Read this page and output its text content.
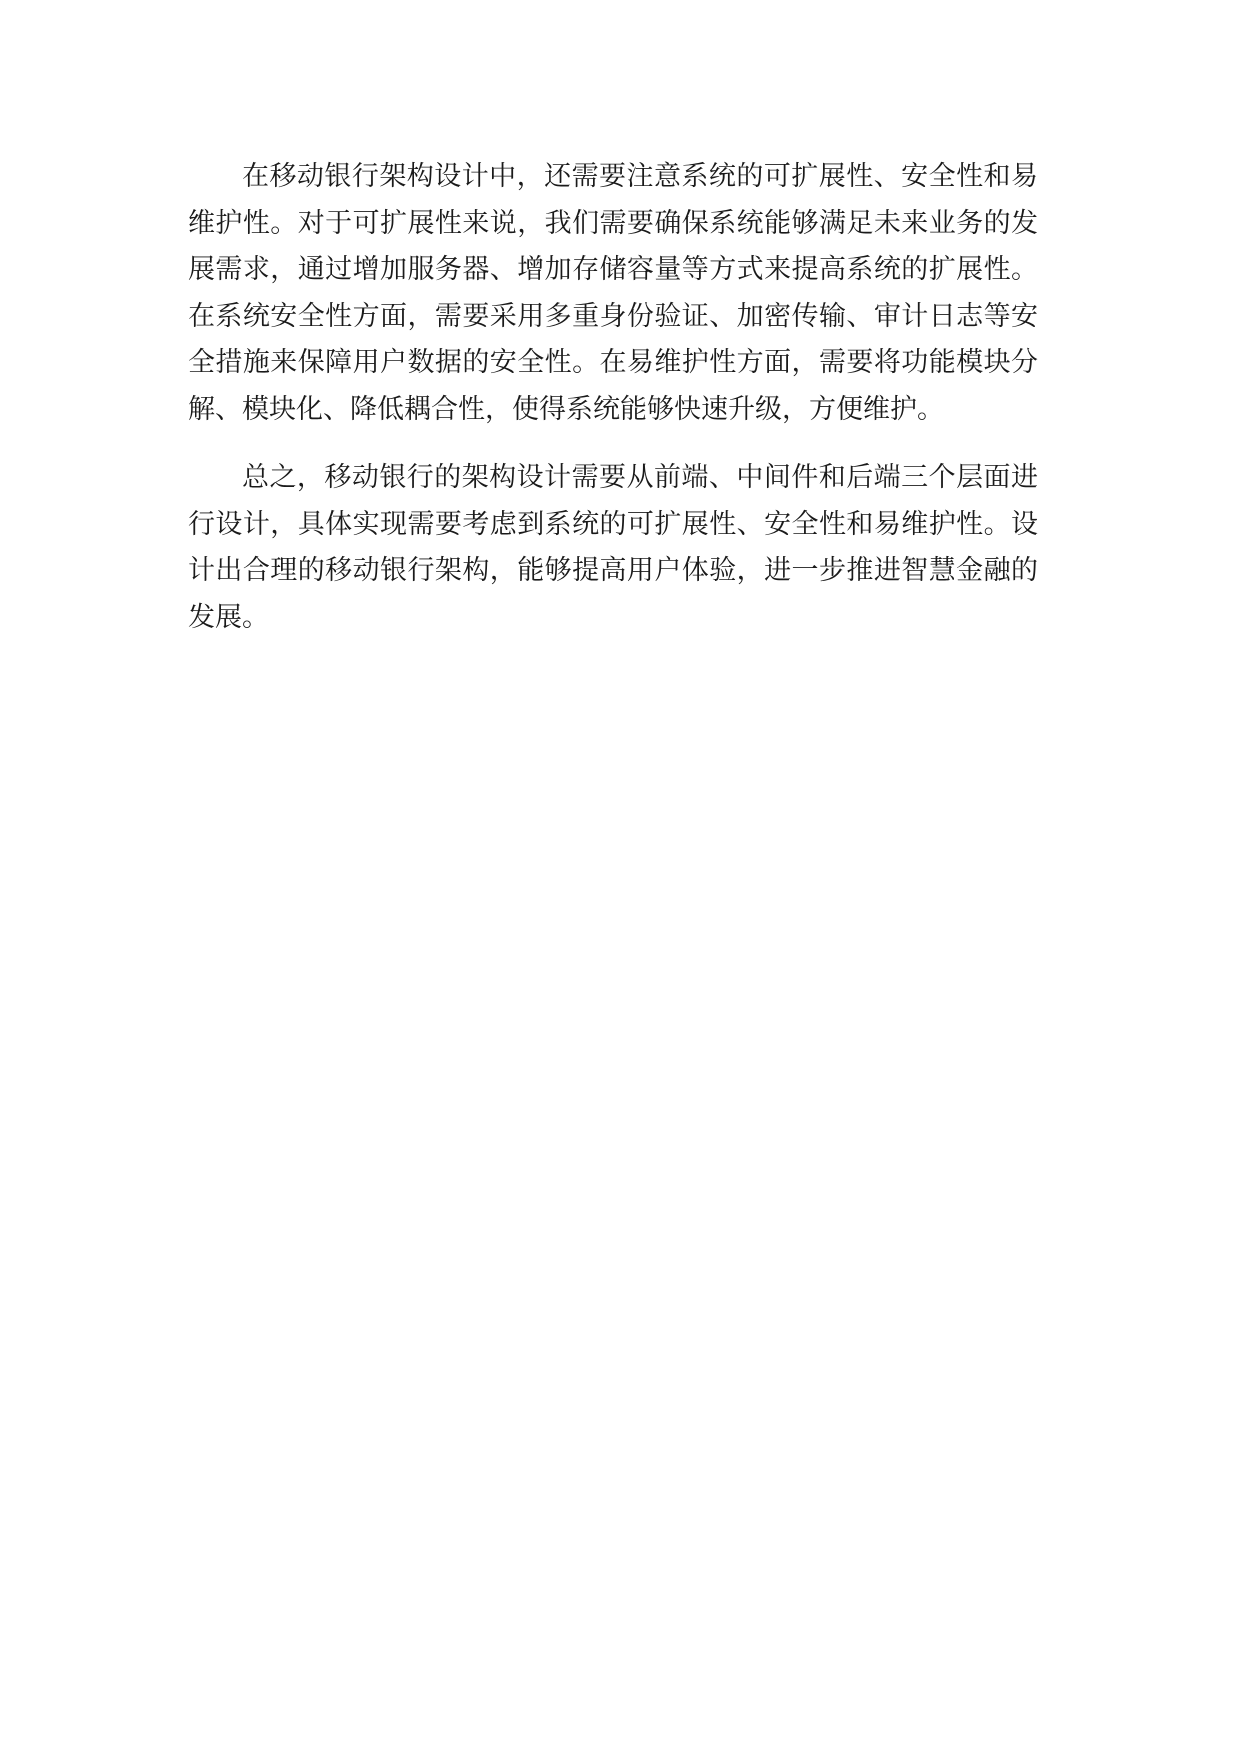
在移动银行架构设计中，还需要注意系统的可扩展性、安全性和易维护性。对于可扩展性来说，我们需要确保系统能够满足未来业务的发展需求，通过增加服务器、增加存储容量等方式来提高系统的扩展性。在系统安全性方面，需要采用多重身份验证、加密传输、审计日志等安全措施来保障用户数据的安全性。在易维护性方面，需要将功能模块分解、模块化、降低耦合性，使得系统能够快速升级，方便维护。

总之，移动银行的架构设计需要从前端、中间件和后端三个层面进行设计，具体实现需要考虑到系统的可扩展性、安全性和易维护性。设计出合理的移动银行架构，能够提高用户体验，进一步推进智慧金融的发展。
